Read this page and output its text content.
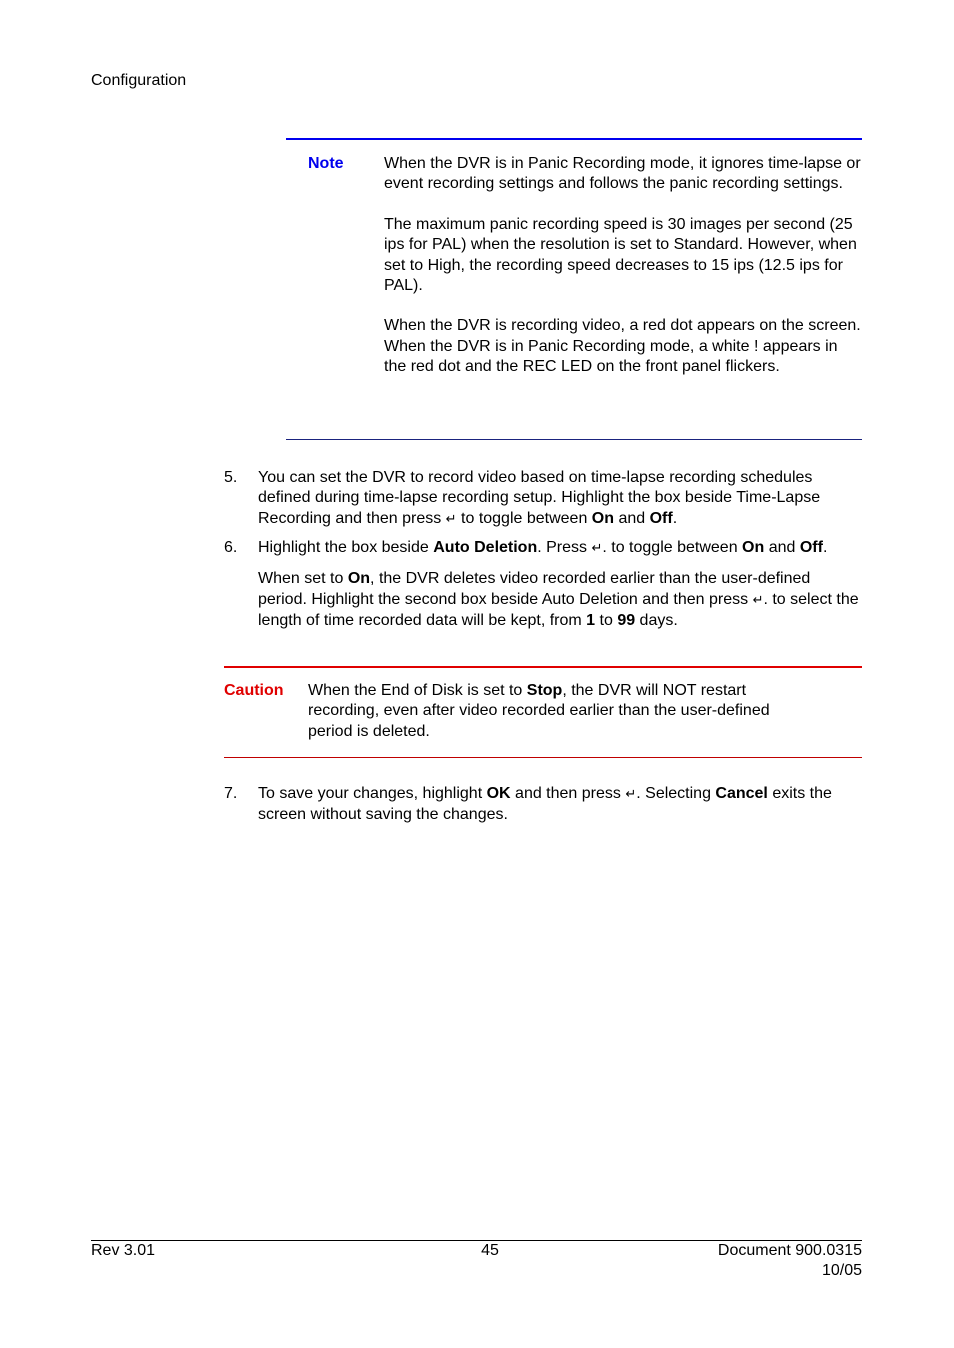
Configuration
Note	When the DVR is in Panic Recording mode, it ignores time-lapse or event recording settings and follows the panic recording settings.

The maximum panic recording speed is 30 images per second (25 ips for PAL) when the resolution is set to Standard. However, when set to High, the recording speed decreases to 15 ips (12.5 ips for PAL).

When the DVR is recording video, a red dot appears on the screen. When the DVR is in Panic Recording mode, a white ! appears in the red dot and the REC LED on the front panel flickers.

5. You can set the DVR to record video based on time-lapse recording schedules defined during time-lapse recording setup. Highlight the box beside Time-Lapse Recording and then press ↵ to toggle between On and Off.
6. Highlight the box beside Auto Deletion. Press ↵. to toggle between On and Off.

When set to On, the DVR deletes video recorded earlier than the user-defined period. Highlight the second box beside Auto Deletion and then press ↵. to select the length of time recorded data will be kept, from 1 to 99 days.

Caution When the End of Disk is set to Stop, the DVR will NOT restart recording, even after video recorded earlier than the user-defined period is deleted.
7. To save your changes, highlight OK and then press ↵. Selecting Cancel exits the screen without saving the changes.
Rev 3.01	45	Document 900.0315
10/05
